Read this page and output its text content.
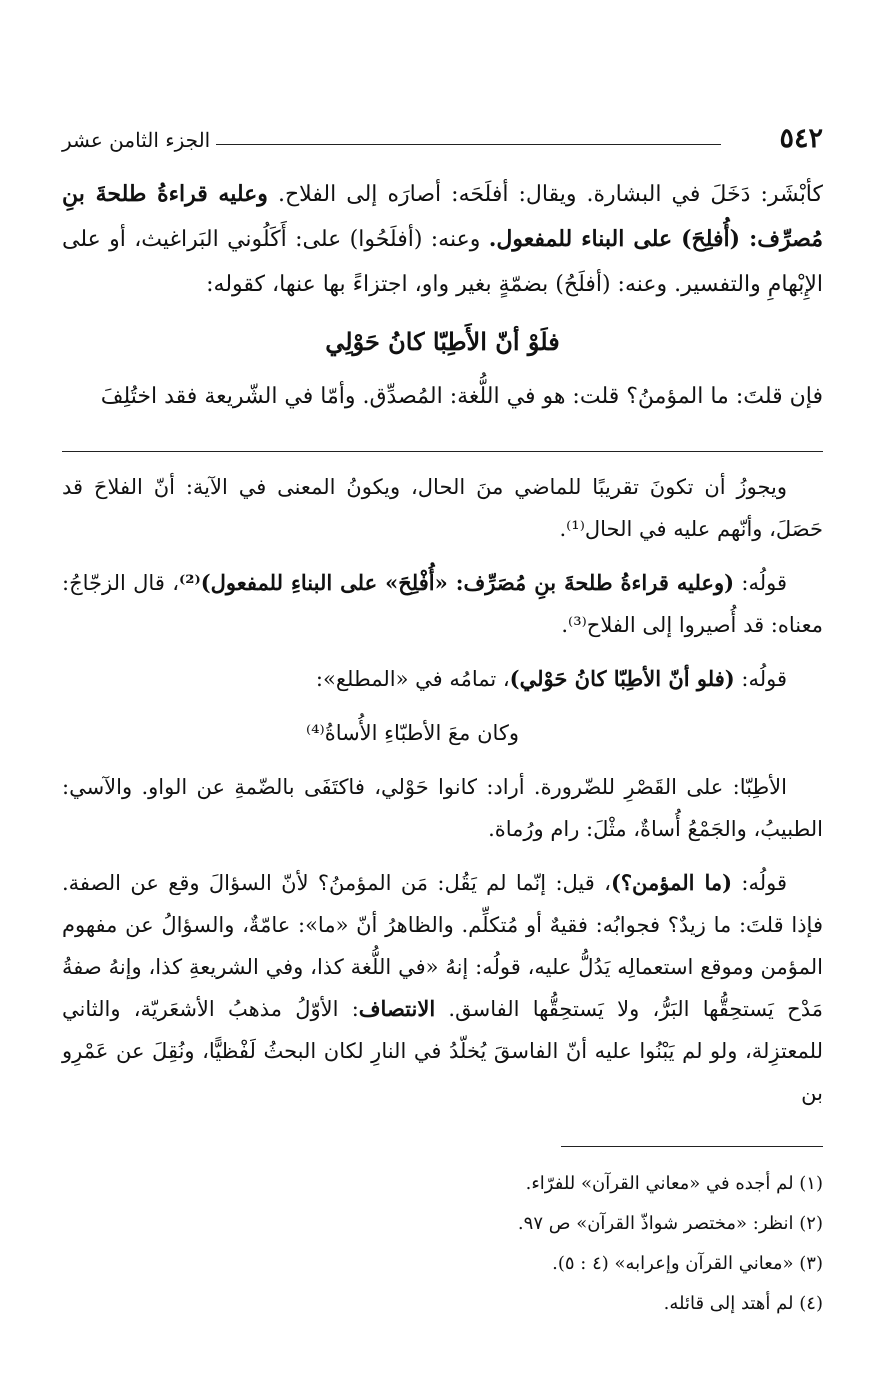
٥٤٢
الجزء الثامن عشر

كأبْشَر: دَخَلَ في البشارة. ويقال: أفلَحَه: أصارَه إلى الفلاح. وعليه قراءةُ طلحةَ بنِ مُصرِّف: (أُفلِحَ) على البناء للمفعول. وعنه: (أفلَحُوا) على: أَكَلُوني البَراغيث، أو على الإِبْهامِ والتفسير. وعنه: (أفلَحُ) بضمّةٍ بغير واو، اجتزاءً بها عنها، كقوله:

فلَوْ أنّ الأَطِبّا كانُ حَوْلِي

فإن قلتَ: ما المؤمنُ؟ قلت: هو في اللُّغة: المُصدِّق. وأمّا في الشّريعة فقد اختُلِفَ

ويجوزُ أن تكونَ تقريبًا للماضي منَ الحال، ويكونُ المعنى في الآية: أنّ الفلاحَ قد حَصَلَ، وأنّهم عليه في الحال⁽¹⁾.

قولُه: (وعليه قراءةُ طلحةَ بنِ مُصَرِّف: «أُفْلِحَ» على البناءِ للمفعول)⁽²⁾، قال الزجّاجُ: معناه: قد أُصيروا إلى الفلاح⁽³⁾.

قولُه: (فلو أنّ الأطِبّا كانُ حَوْلي)، تمامُه في «المطلع»:

وكان معَ الأطبّاءِ الأُساةُ⁽⁴⁾

الأطِبّا: على القَصْرِ للضّرورة. أراد: كانوا حَوْلي، فاكتَفَى بالضّمةِ عن الواو. والآسي: الطبيبُ، والجَمْعُ أُساةٌ، مثْلَ: رام ورُماة.

قولُه: (ما المؤمن؟)، قيل: إنّما لم يَقُل: مَن المؤمنُ؟ لأنّ السؤالَ وقع عن الصفة. فإذا قلتَ: ما زيدٌ؟ فجوابُه: فقيهٌ أو مُتكلِّم. والظاهرُ أنّ «ما»: عامّةٌ، والسؤالُ عن مفهوم المؤمن وموقع استعمالِه يَدُلُّ عليه، قولُه: إنهُ «في اللُّغة كذا، وفي الشريعةِ كذا، وإنهُ صفةُ مَدْح يَستحِقُّها البَرُّ، ولا يَستحِقُّها الفاسق. الانتصاف: الأوّلُ مذهبُ الأشعَريّة، والثاني للمعتزِلة، ولو لم يَبْنُوا عليه أنّ الفاسقَ يُخلّدُ في النارِ لكان البحثُ لَفْظيًّا، ونُقِلَ عن عَمْرِو بن

(١) لم أجده في «معاني القرآن» للفرّاء.

(٢) انظر: «مختصر شواذّ القرآن» ص ٩٧.

(٣) «معاني القرآن وإعرابه» (٤ : ٥).

(٤) لم أهتد إلى قائله.
